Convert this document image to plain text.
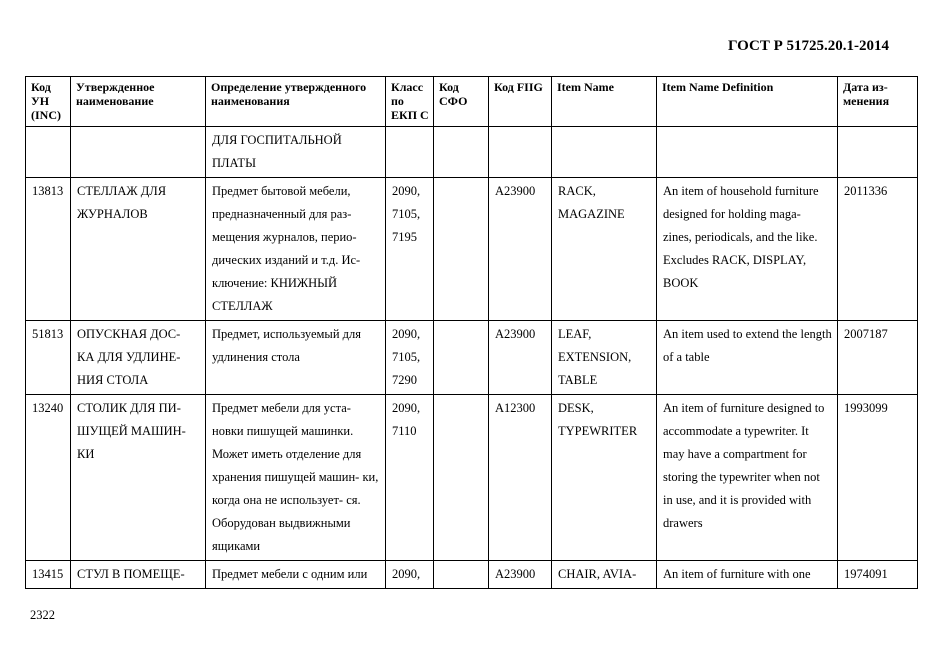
ГОСТ Р 51725.20.1-2014
Код УН (INC)	Утвержденное наименование	Определение утвержденного наименования	Класс по ЕКП С	Код СФО	Код FIIG	Item Name	Item Name Definition	Дата из- менения
		ДЛЯ ГОСПИТАЛЬНОЙ ПЛАТЫ						
13813	СТЕЛЛАЖ ДЛЯ ЖУРНАЛОВ	Предмет бытовой мебели, предназначенный для раз- мещения журналов, перио- дических изданий и т.д. Ис- ключение: КНИЖНЫЙ СТЕЛЛАЖ	2090, 7105, 7195		A23900	RACK, MAGAZINE	An item of household furniture designed for holding maga- zines, periodicals, and the like. Excludes RACK, DISPLAY, BOOK	2011336
51813	ОПУСКНАЯ ДОС- КА ДЛЯ УДЛИНЕ- НИЯ СТОЛА	Предмет, используемый для удлинения стола	2090, 7105, 7290		A23900	LEAF, EXTENSION, TABLE	An item used to extend the length of a table	2007187
13240	СТОЛИК ДЛЯ ПИ- ШУЩЕЙ МАШИН- КИ	Предмет мебели для уста- новки пишущей машинки. Может иметь отделение для хранения пишущей машин- ки, когда она не использует- ся. Оборудован выдвижными ящиками	2090, 7110		A12300	DESK, TYPEWRITER	An item of furniture designed to accommodate a typewriter. It may have a compartment for storing the typewriter when not in use, and it is provided with drawers	1993099
13415	СТУЛ В ПОМЕЩЕ-	Предмет мебели с одним или	2090,		A23900	CHAIR, AVIA-	An item of furniture with one	1974091
2322
